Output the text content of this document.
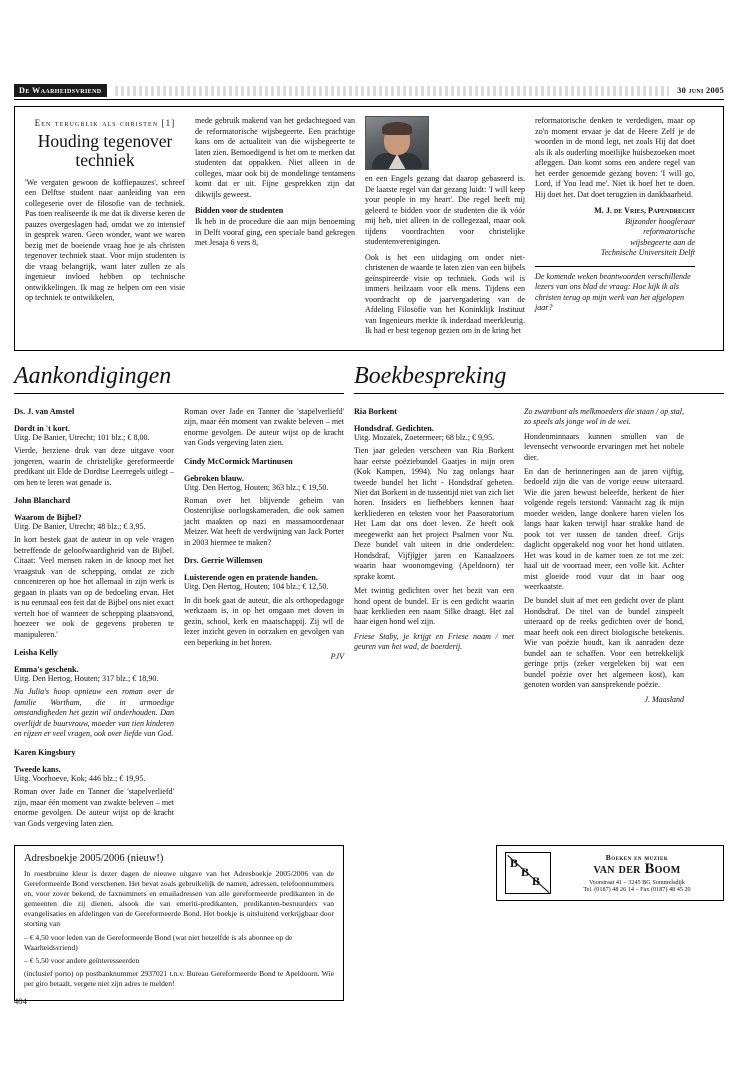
De Waarheidsvriend	30 juni 2005
Een terugblik als christen [1]
Houding tegenover techniek

'We vergaten gewoon de koffiepauzes', schreef een Delftse student naar aanleiding van een collegeserie over de filosofie van de techniek. Pas toen realiseerde ik me dat ik diverse keren de pauzes overgeslagen had, omdat we zo intensief in gesprek waren. Geen wonder, want we waren bezig met de boeiende vraag hoe je als christen tegenover techniek staat. Voor mijn studenten is die vraag belangrijk, want later zullen ze als ingenieur invloed hebben op technische ontwikkelingen. Ik mag ze helpen om een visie op techniek te ontwikkelen,

mede gebruik makend van het gedachtegoed van de reformatorische wijsbegeerte. Een prachtige kans om de actualiteit van die wijsbegeerte te laten zien. Bemoedigend is het om te merken dat studenten dat oppakken. Niet alleen in de colleges, maar ook bij de mondelinge tentamens komt dat er uit. Fijne gesprekken zijn dat dikwijls geweest.

Bidden voor de studenten

Ik heb in de procedure die aan mijn benoeming in Delft vooraf ging, een speciale band gekregen met Jesaja 6 vers 8,

en een Engels gezang dat daarop gebaseerd is. De laatste regel van dat gezang luidt: 'I will keep your people in my heart'. Die regel heeft mij geleerd te bidden voor de studenten die ik vóór mij heb, niet alleen in de collegezaal, maar ook tijdens voordrachten voor christelijke studentenverenigingen.

Ook is het een uitdaging om onder niet-christenen de waarde te laten zien van een bijbels geïnspireerde visie op techniek. Gods wil is immers heilzaam voor elk mens. Tijdens een voordracht op de jaarvergadering van de Afdeling Filosofie van het Koninklijk Instituut van Ingenieurs merkte ik inderdaad meerkleurig. Ik had er best tegenop gezien om in de kring het

reformatorische denken te verdedigen, maar op zo'n moment ervaar je dat de Heere Zelf je de woorden in de mond legt, net zoals Hij dat doet als ik als ouderling moeilijke huisbezoeken moet afleggen. Dan komt soms een andere regel van het eerder genoemde gezang boven: 'I will go, Lord, if You lead me'. Niet ik hoef het te doen. Hij doet het. Dat doet terugzien in dankbaarheid.

M. J. de Vries, Papendrecht
Bijzonder hoogleraar
reformatorische
wijsbegeerte aan de
Technische Universiteit Delft
De komende weken beantwoorden verschillende lezers van ons blad de vraag: Hoe kijk ik als christen terug op mijn werk van het afgelopen jaar?
Aankondigingen	Boekbespreking
Ds. J. van Amstel
Dordt in 't kort.

Uitg. De Banier, Utrecht; 101 blz.; € 8,00.

Vierde, herziene druk van deze uitgave voor jongeren, waarin de christelijke gereformeerde predikant uit Elde de Dordtse Leerregels uitlegt – om hen te leren wat genade is.

John Blanchard
Waarom de Bijbel?

Uitg. De Banier, Utrecht; 48 blz.; € 3,95.

In kort bestek gaat de auteur in op vele vragen betreffende de geloofwaardigheid van de Bijbel. Citaat: 'Veel mensen raken in de knoop met het vraagstuk van de schepping, omdat ze zich concentreren op hoe het allemaal in zijn werk is gegaan in plaats van op de bedoeling ervan. Het is nu eenmaal een feit dat de Bijbel ons niet exact vertelt hoe of wanneer de schepping plaatsvond, hoezeer we ook de gegevens proberen te manipuleren.'

Leisha Kelly
Emma's geschenk.

Uitg. Den Hertog, Houten; 317 blz.; € 18,90.

Na Julia's hoop opnieuw een roman over de familie Wortham, die in armoedige omstandigheden het gezin wil onderhouden. Dan overlijdt de buurvrouw, moeder van tien kinderen en rijzen er veel vragen, ook over liefde van God.

Karen Kingsbury
Tweede kans.

Uitg. Voorhoeve, Kok; 446 blz.; € 19,95.

Roman over Jade en Tanner die 'stapelverliefd' zijn, maar één moment van zwakte beleven – met enorme gevolgen. De auteur wijst op de kracht van Gods vergeving laten zien.

Roman over Jade en Tanner die 'stapelverliefd' zijn, maar één moment van zwakte beleven – met enorme gevolgen. De auteur wijst op de kracht van Gods vergeving laten zien.

Cindy McCormick Martinusen
Gebroken blauw.

Uitg. Den Hertog, Houten; 363 blz.; € 19,50.

Roman over het blijvende geheim van Oostenrijkse oorlogskameraden, die ook samen jacht maakten op nazi en massamoordenaar Meizer. Wat heeft de verdwijning van Jack Porter in 2003 hiermee te maken?

Drs. Gerrie Willemsen
Luisterende ogen en pratende handen.

Uitg. Den Hertog, Houten; 104 blz.; € 12,50.

In dit boek gaat de auteur, die als orthopedagoge werkzaam is, in op het omgaan met doven in gezin, school, kerk en maatschappij. Zij wil de lezer inzicht geven in oorzaken en gevolgen van een beperking in het horen.

PJV
Ria Borkent
Hondsdraf. Gedichten.

Uitg. Mozaïek, Zoetermeer; 68 blz.; € 9,95.

Tien jaar geleden verscheen van Ria Borkent haar eerste poëziebundel Gaatjes in mijn oren (Kok Kampen, 1994). Nu zag onlangs haar tweede bundel het licht - Hondsdraf geheten. Niet dat Borkent in de tussentijd niet van zich liet horen. Insiders en liefhebbers kennen haar kerkliederen en teksten voor het Paasoratorium Het Lam dat ons doet leven. Ze heeft ook meegewerkt aan het project Psalmen voor Nu. Deze bundel valt uiteen in drie onderdelen: Hondsdraf, Vijfjigjer jaren en Kanaalzoers waarin haar woonomgeving (Apeldoorn) ter sprake komt.

Met twintig gedichten over het bezit van een hond opent de bundel. Er is een gedicht waarin haar kerklieden een naam Silke draagt. Het zal haar eigen hond wel zijn.

Friese Staby, je krijgt en Friese naam / met geuren van het wad, de boerderij.

Zo zwartbont als melkmoeders die staan / op stal, zo speels als jonge wol in de wei.

Hondenminnaars kunnen smullen van de levensecht verwoorde ervaringen met het nobele dier.

En dan de herinneringen aan de jaren vijftig, bedoeld zijn die van de vorige eeuw uiteraard. Wie die jaren bewust beleefde, herkent de hier volgende regels terstond: Vannacht zag ik mijn moeder weiden, lange donkere haren vielen los langs haar kaken terwijl haar strakke hand de pook tot ver tussen de tanden dreef. Grijs daglicht opgerakeld nog voor het hond uitlaten. Het was koud in de kamer toen ze tot me zei: haal uit de voorraad meer, een volle kit. Achter mist gloeide rood vuur dat in haar oog weerkaatste.

De bundel sluit af met een gedicht over de plant Hondsdraf. De titel van de bundel zinspeelt uiteraard op de reeks gedichten over de hond, maar heeft ook een direct biologische betekenis. Wie van poëzie houdt, kan ik aanraden deze bundel aan te schaffen. Voor een betrekkelijk geringe prijs (zeker vergeleken bij wat een bundel poëzie over het algemeen kost), kan genoten worden van aansprekende poëzie.

J. Maasland
Adresboekje 2005/2006 (nieuw!)

In roestbruine kleur is dezer dagen de nieuwe uitgave van het Adresboekje 2005/2006 van de Gereformeerde Bond verschenen. Het bevat zoals gebruikelijk de namen, adressen, telefoonnummers en, voor zover bekend, de faxnummers en emailadressen van alle gereformeerde predikanten in de gemeenten die zij dienen, alsook die van emeriti-predikanten, predikanten-bestuurders van evangelisaties en afdelingen van de Gereformeerde Bond. Het boekje is uitsluitend verkrijgbaar door storting van

– € 4,50 voor leden van de Gereformeerde Bond (wat niet hetzelfde is als abonnee op de Waarheidsvriend)
– € 5,50 voor andere geïnteresseerden

(inclusief porto) op postbanknummer 2937021 t.n.v. Bureau Gereformeerde Bond te Apeldoorn. Wie per giro betaalt, vergete niet zijn adres te melden!

B
B
B
Boeken en muziek
van der Boom
Voorstraat 41 – 3245 BG Sommelsdijk
Tel. (0187) 48 26 14 – Fax (0187) 48 45 20
404
